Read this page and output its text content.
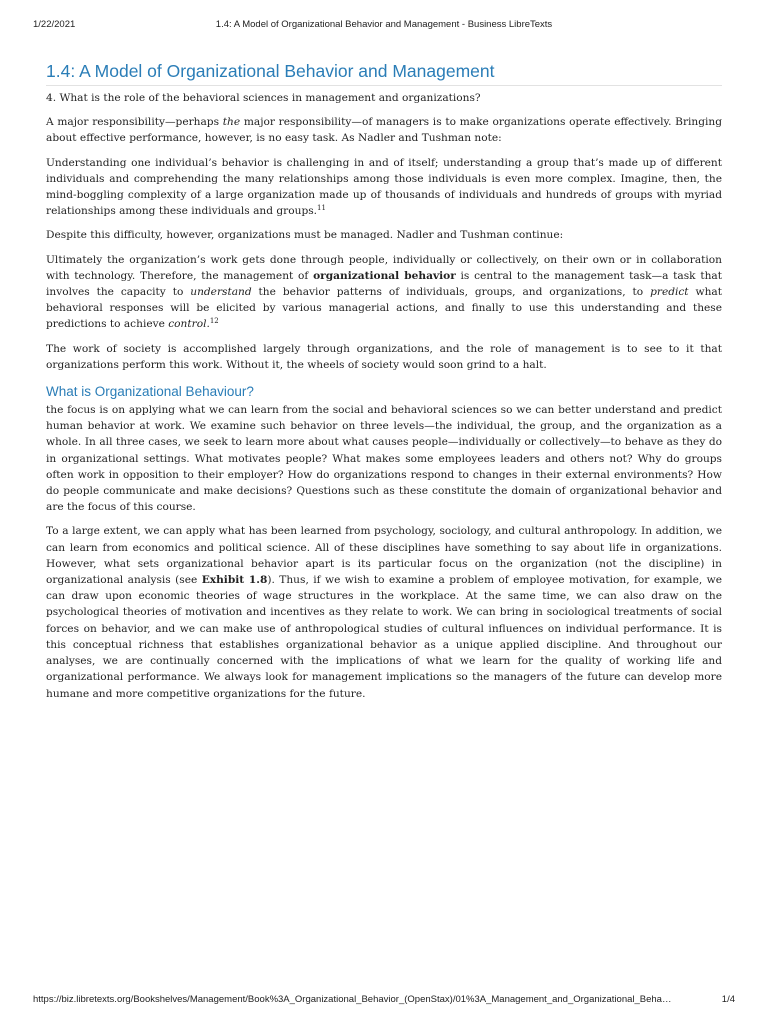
1/22/2021	1.4: A Model of Organizational Behavior and Management - Business LibreTexts
1.4: A Model of Organizational Behavior and Management

4. What is the role of the behavioral sciences in management and organizations?

A major responsibility—perhaps the major responsibility—of managers is to make organizations operate effectively. Bringing about effective performance, however, is no easy task. As Nadler and Tushman note:

Understanding one individual’s behavior is challenging in and of itself; understanding a group that’s made up of different individuals and comprehending the many relationships among those individuals is even more complex. Imagine, then, the mind-boggling complexity of a large organization made up of thousands of individuals and hundreds of groups with myriad relationships among these individuals and groups.$^{11}$

Despite this difficulty, however, organizations must be managed. Nadler and Tushman continue:

Ultimately the organization’s work gets done through people, individually or collectively, on their own or in collaboration with technology. Therefore, the management of organizational behavior is central to the management task—a task that involves the capacity to understand the behavior patterns of individuals, groups, and organizations, to predict what behavioral responses will be elicited by various managerial actions, and finally to use this understanding and these predictions to achieve control.$^{12}$

The work of society is accomplished largely through organizations, and the role of management is to see to it that organizations perform this work. Without it, the wheels of society would soon grind to a halt.

What is Organizational Behaviour?

the focus is on applying what we can learn from the social and behavioral sciences so we can better understand and predict human behavior at work. We examine such behavior on three levels—the individual, the group, and the organization as a whole. In all three cases, we seek to learn more about what causes people—individually or collectively—to behave as they do in organizational settings. What motivates people? What makes some employees leaders and others not? Why do groups often work in opposition to their employer? How do organizations respond to changes in their external environments? How do people communicate and make decisions? Questions such as these constitute the domain of organizational behavior and are the focus of this course.

To a large extent, we can apply what has been learned from psychology, sociology, and cultural anthropology. In addition, we can learn from economics and political science. All of these disciplines have something to say about life in organizations. However, what sets organizational behavior apart is its particular focus on the organization (not the discipline) in organizational analysis (see Exhibit 1.8). Thus, if we wish to examine a problem of employee motivation, for example, we can draw upon economic theories of wage structures in the workplace. At the same time, we can also draw on the psychological theories of motivation and incentives as they relate to work. We can bring in sociological treatments of social forces on behavior, and we can make use of anthropological studies of cultural influences on individual performance. It is this conceptual richness that establishes organizational behavior as a unique applied discipline. And throughout our analyses, we are continually concerned with the implications of what we learn for the quality of working life and organizational performance. We always look for management implications so the managers of the future can develop more humane and more competitive organizations for the future.

https://biz.libretexts.org/Bookshelves/Management/Book%3A_Organizational_Behavior_(OpenStax)/01%3A_Management_and_Organizational_Beha…	1/4
